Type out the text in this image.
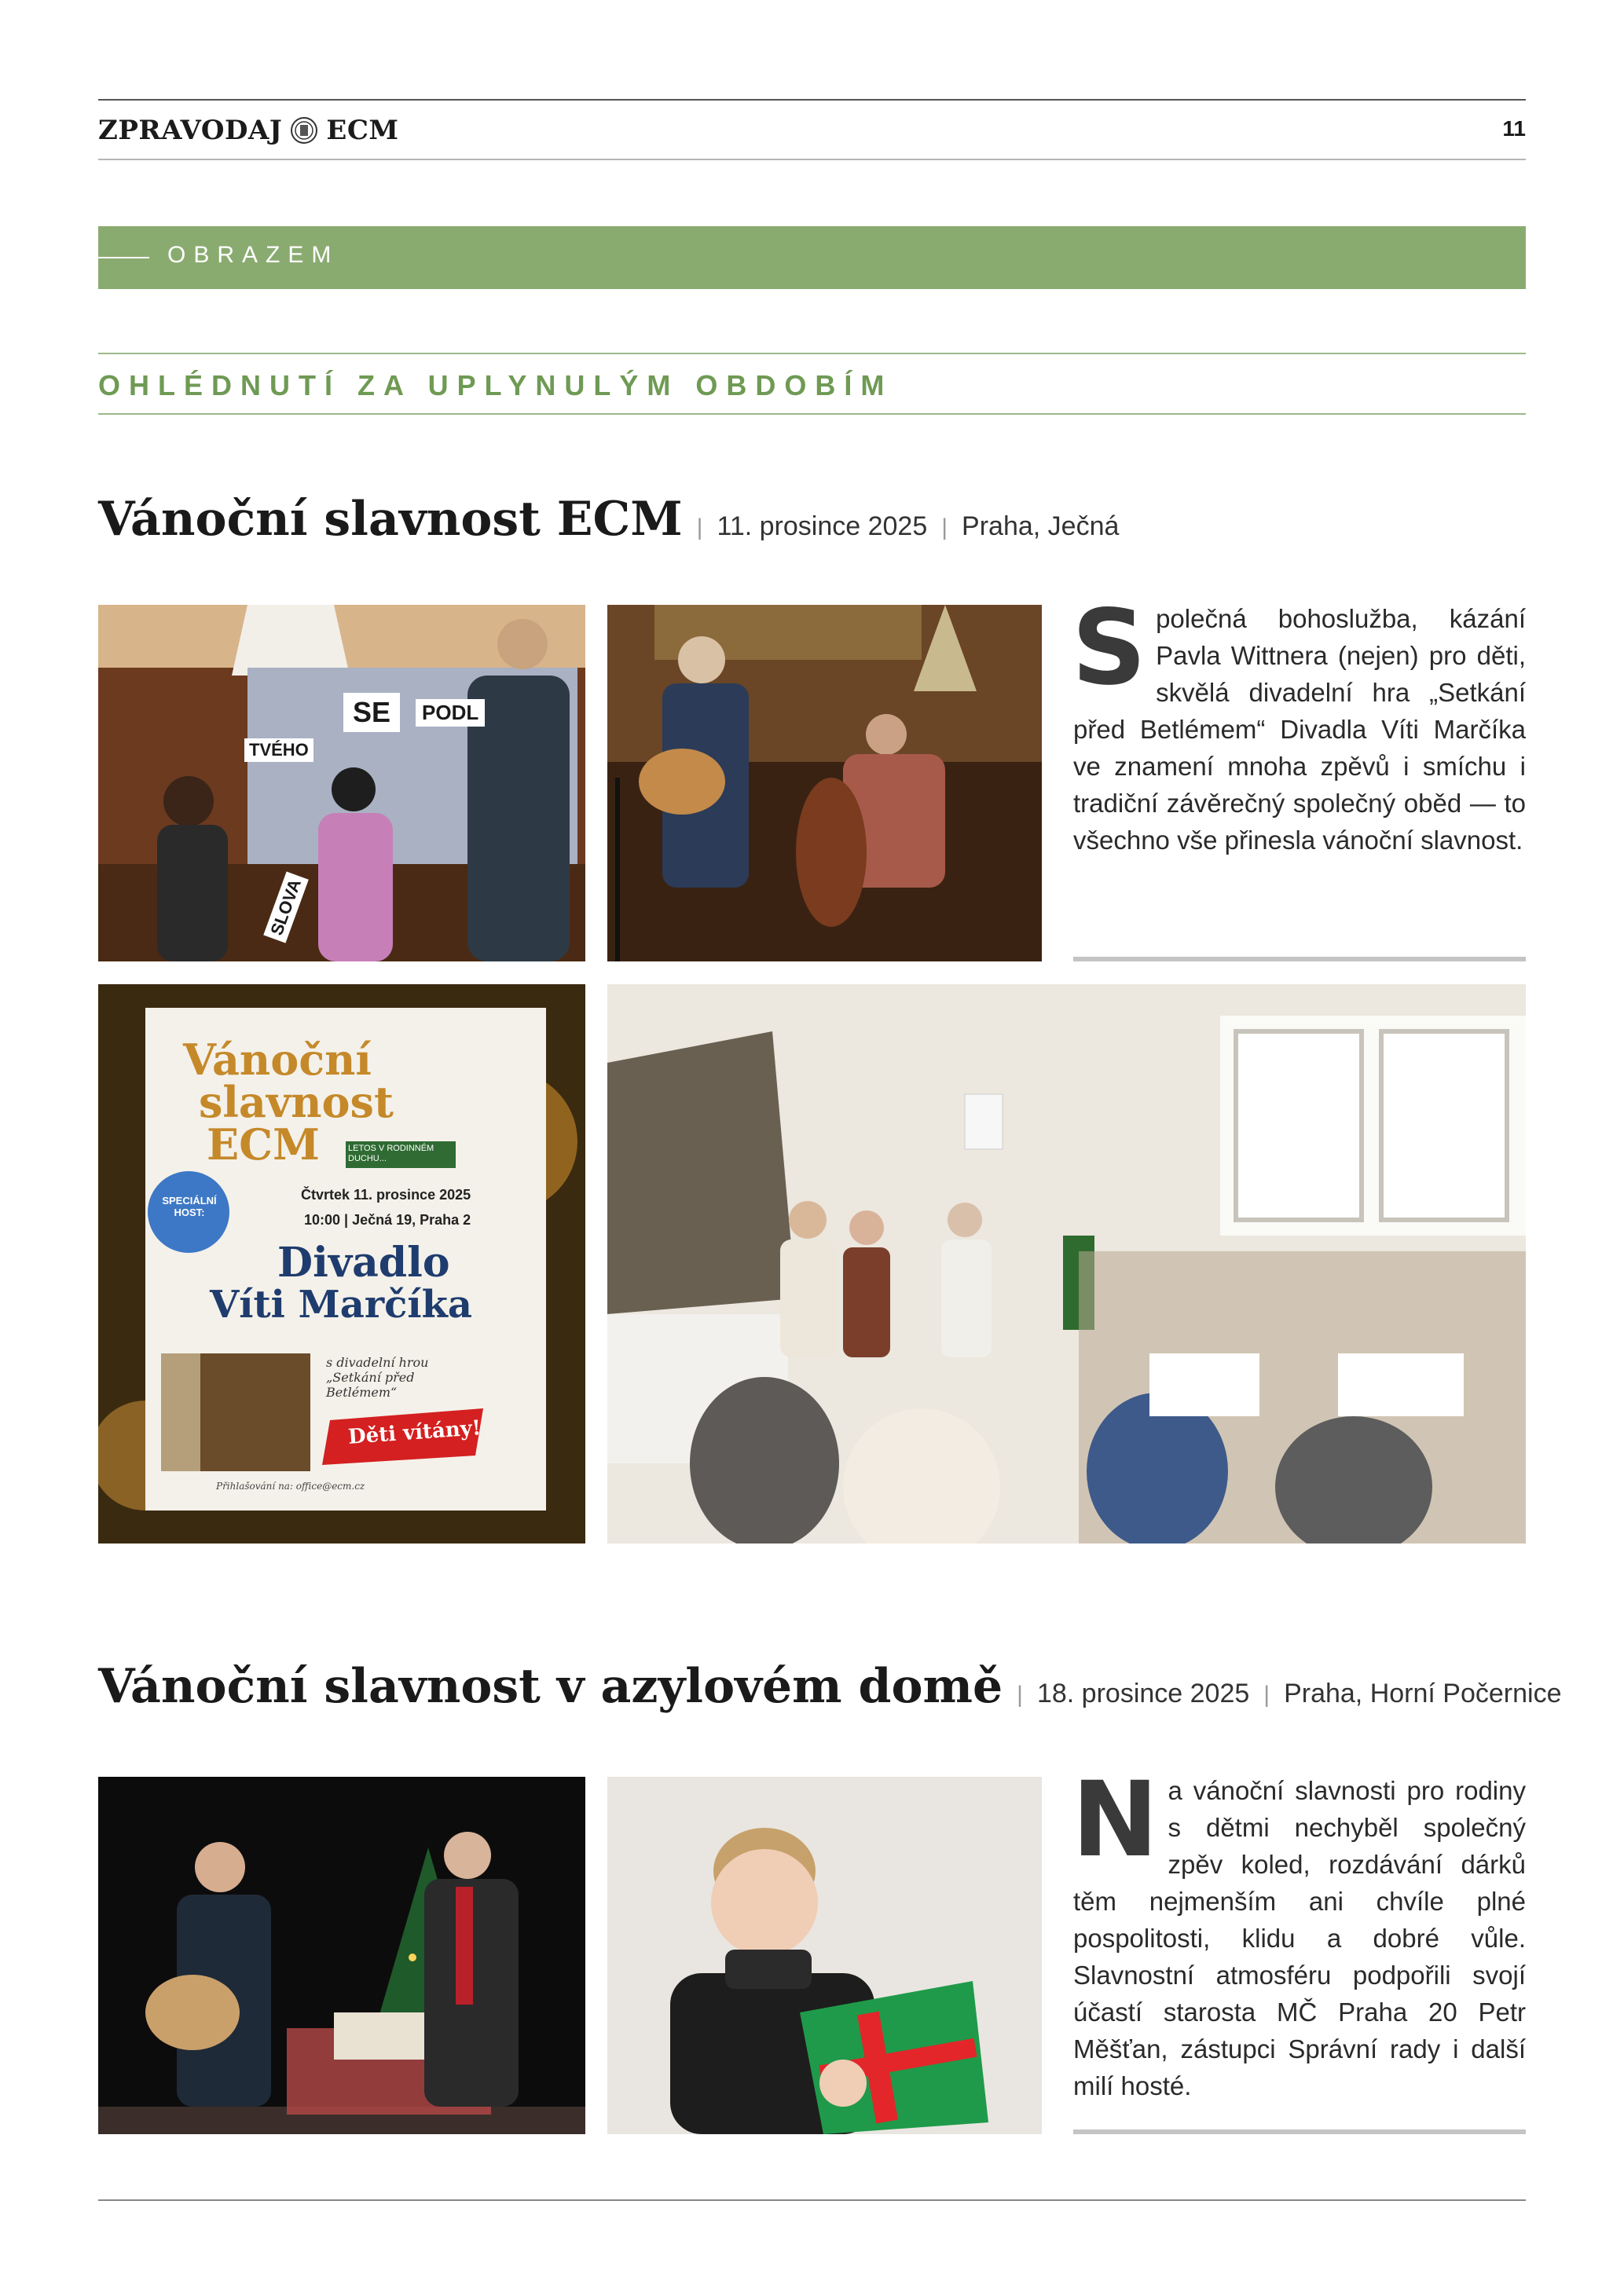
ZPRAVODAJ ECM	11
OBRAZEM
OHLÉDNUTÍ ZA UPLYNULÝM OBDOBÍM
Vánoční slavnost ECM | 11. prosince 2025 | Praha, Ječná
SE	PODL
TVÉHO
SLOVA
Společná bohoslužba, kázání Pavla Wittnera (nejen) pro děti, skvělá divadelní hra „Setkání před Betlémem“ Divadla Víti Marčíka ve znamení mnoha zpěvů i smíchu i tradiční závěrečný společný oběd — to všechno vše přinesla vánoční slavnost.
Vánoční
slavnost
ECM	LETOS V RODINNÉM DUCHU...
Čtvrtek 11. prosince 2025
10:00 | Ječná 19, Praha 2
SPECIÁLNÍ HOST:
Divadlo
Víti Marčíka
s divadelní hrou „Setkání před Betlémem“
Děti vítány!
Přihlašování na: office@ecm.cz
Vánoční slavnost v azylovém domě | 18. prosince 2025 | Praha, Horní Počernice
Na vánoční slavnosti pro rodiny s dětmi nechyběl společný zpěv koled, rozdávání dárků těm nejmenším ani chvíle plné pospolitosti, klidu a dobré vůle. Slavnostní atmosféru podpořili svojí účastí starosta MČ Praha 20 Petr Měšťan, zástupci Správní rady i další milí hosté.
